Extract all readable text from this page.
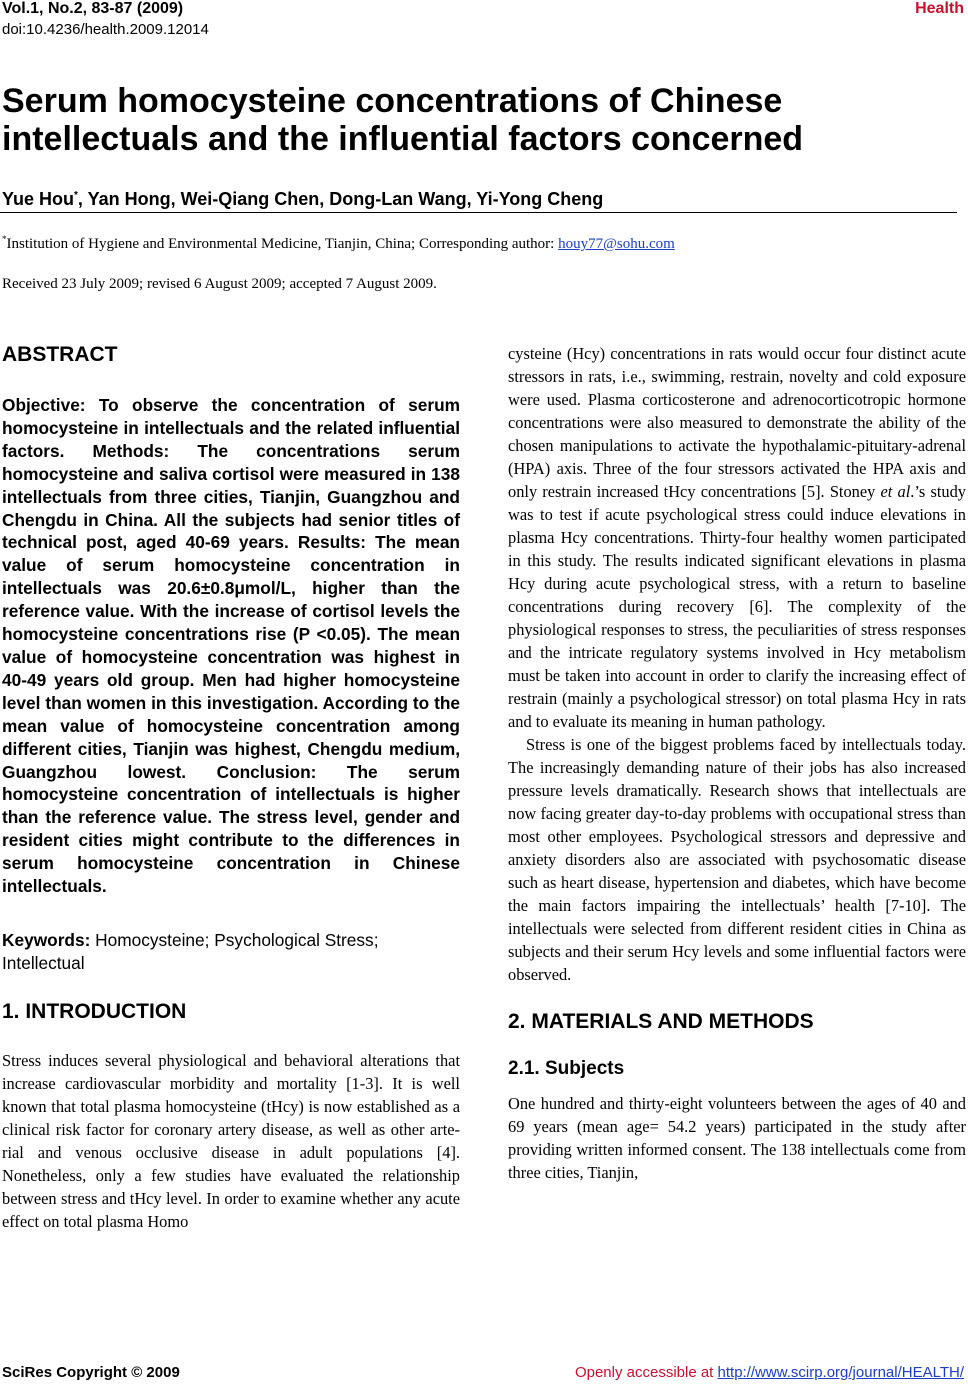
Vol.1, No.2, 83-87 (2009)
doi:10.4236/health.2009.12014
Health
Serum homocysteine concentrations of Chinese
intellectuals and the influential factors concerned
Yue Hou*, Yan Hong, Wei-Qiang Chen, Dong-Lan Wang, Yi-Yong Cheng
*Institution of Hygiene and Environmental Medicine, Tianjin, China; Corresponding author: houy77@sohu.com
Received 23 July 2009; revised 6 August 2009; accepted 7 August 2009.
ABSTRACT

Objective: To observe the concentration of serum homocysteine in intellectuals and the related influential factors. Methods: The concentrations serum homocysteine and saliva cortisol were measured in 138 intellectuals from three cities, Tianjin, Guangzhou and Chengdu in China. All the subjects had senior titles of technical post, aged 40-69 years. Results: The mean value of serum homocysteine concentration in intellectuals was 20.6±0.8μmol/L, higher than the reference value. With the increase of cortisol levels the homocysteine concentrations rise (P <0.05). The mean value of homocysteine concentration was highest in 40-49 years old group. Men had higher homocysteine level than women in this investigation. According to the mean value of homocysteine concentration among different cities, Tianjin was highest, Chengdu medium, Guangzhou lowest. Conclusion: The serum homocysteine concentration of intellectuals is higher than the reference value. The stress level, gender and resident cities might contribute to the differences in serum homocysteine concentration in Chinese intellectuals.

Keywords: Homocysteine; Psychological Stress; Intellectual

1. INTRODUCTION

Stress induces several physiological and behavioral alterations that increase cardiovascular morbidity and mortality [1-3]. It is well known that total plasma homocysteine (tHcy) is now established as a clinical risk factor for coronary artery disease, as well as other arterial and venous occlusive disease in adult populations [4]. Nonetheless, only a few studies have evaluated the relationship between stress and tHcy level. In order to examine whether any acute effect on total plasma Homo

cysteine (Hcy) concentrations in rats would occur four distinct acute stressors in rats, i.e., swimming, restrain, novelty and cold exposure were used. Plasma corticosterone and adrenocorticotropic hormone concentrations were also measured to demonstrate the ability of the chosen manipulations to activate the hypothalamic-pituitary-adrenal (HPA) axis. Three of the four stressors activated the HPA axis and only restrain increased tHcy concentrations [5]. Stoney et al.’s study was to test if acute psychological stress could induce elevations in plasma Hcy concentrations. Thirty-four healthy women participated in this study. The results indicated significant elevations in plasma Hcy during acute psychological stress, with a return to baseline concentrations during recovery [6]. The complexity of the physiological responses to stress, the peculiarities of stress responses and the intricate regulatory systems involved in Hcy metabolism must be taken into account in order to clarify the increasing effect of restrain (mainly a psychological stressor) on total plasma Hcy in rats and to evaluate its meaning in human pathology.

Stress is one of the biggest problems faced by intellectuals today. The increasingly demanding nature of their jobs has also increased pressure levels dramatically. Research shows that intellectuals are now facing greater day-to-day problems with occupational stress than most other employees. Psychological stressors and depressive and anxiety disorders also are associated with psychosomatic disease such as heart disease, hypertension and diabetes, which have become the main factors impairing the intellectuals’ health [7-10]. The intellectuals were selected from different resident cities in China as subjects and their serum Hcy levels and some influential factors were observed.

2. MATERIALS AND METHODS
2.1. Subjects

One hundred and thirty-eight volunteers between the ages of 40 and 69 years (mean age= 54.2 years) participated in the study after providing written informed consent. The 138 intellectuals come from three cities, Tianjin,

SciRes Copyright © 2009	Openly accessible at http://www.scirp.org/journal/HEALTH/
